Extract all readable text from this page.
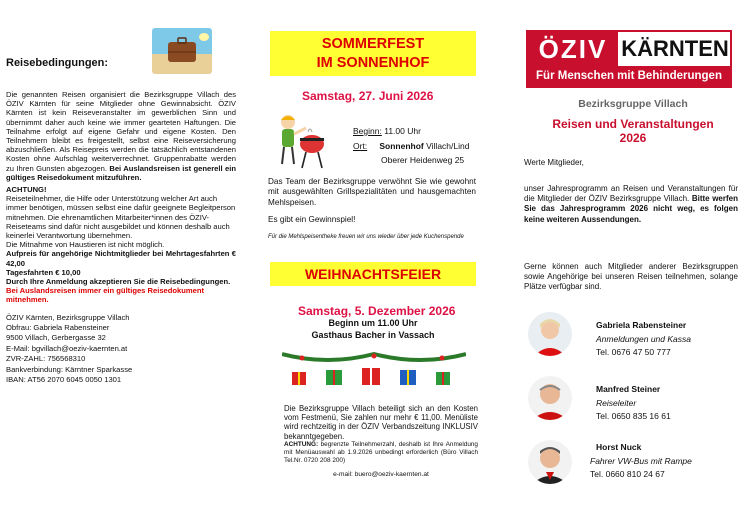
Reisebedingungen:

Die genannten Reisen organisiert die Bezirksgruppe Villach des ÖZIV Kärnten für seine Mitglieder ohne Gewinnabsicht. ÖZIV Kärnten ist kein Reiseveranstalter im gewerblichen Sinn und übernimmt daher auch keine wie immer gearteten Haftungen. Die Teilnahme erfolgt auf eigene Gefahr und eigene Kosten. Den Teilnehmern bleibt es freigestellt, selbst eine Reiseversicherung abzuschließen. Als Reisepreis werden die tatsächlich entstandenen Kosten ohne Aufschlag weiterverrechnet. Gruppenrabatte werden zu Ihren Gunsten abgezogen. Bei Auslandsreisen ist generell ein gültiges Reisedokument mitzuführen.

ACHTUNG!

Reiseteilnehmer, die Hilfe oder Unterstützung welcher Art auch immer benötigen, müssen selbst eine dafür geeignete Begleitperson mitnehmen. Die ehrenamtlichen Mitarbeiter*innen des ÖZIV-Reiseteams sind dafür nicht ausgebildet und können deshalb auch keinerlei Verantwortung übernehmen.

Die Mitnahme von Haustieren ist nicht möglich.

Aufpreis für angehörige Nichtmitglieder bei Mehrtagesfahrten € 42,00

Tagesfahrten € 10,00

Durch Ihre Anmeldung akzeptieren Sie die Reisebedingungen.

Bei Auslandsreisen immer ein gültiges Reisedokument mitnehmen.

ÖZIV Kärnten, Bezirksgruppe Villach
Obfrau: Gabriela Rabensteiner
9500 Villach, Gerbergasse 32
E-Mail: bgvillach@oeziv-kaernten.at
ZVR-ZAHL: 756568310
Bankverbindung: Kärntner Sparkasse
IBAN: AT56 2070 6045 0050 1301
SOMMERFEST
IM SONNENHOF
Samstag, 27. Juni 2026
Beginn: 11.00 Uhr
Ort: Sonnenhof Villach/Lind
Oberer Heidenweg 25
Das Team der Bezirksgruppe verwöhnt Sie wie gewohnt mit ausgewählten Grillspezialitäten und hausgemachten Mehlspeisen.
Es gibt ein Gewinnspiel!
Für die Mehlspeisentheke freuen wir uns wieder über jede Kuchenspende
WEIHNACHTSFEIER
Samstag, 5. Dezember 2026
Beginn um 11.00 Uhr
Gasthaus Bacher in Vassach
Die Bezirksgruppe Villach beteiligt sich an den Kosten vom Festmenü, Sie zahlen nur mehr € 11,00. Menüliste wird rechtzeitig in der ÖZIV Verbandszeitung INKLUSIV bekanntgegeben.
ACHTUNG: begrenzte Teilnehmerzahl, deshalb ist Ihre Anmeldung mit Menüauswahl ab 1.9.2026 unbedingt erforderlich (Büro Villach Tel.Nr. 0720 208 200)
e-mail: buero@oeziv-kaernten.at
ÖZIV KÄRNTEN
Für Menschen mit Behinderungen
Bezirksgruppe Villach
Reisen und Veranstaltungen
2026
Werte Mitglieder,
unser Jahresprogramm an Reisen und Veranstaltungen für die Mitglieder der ÖZIV Bezirksgruppe Villach. Bitte werfen Sie das Jahresprogramm 2026 nicht weg, es folgen keine weiteren Aussendungen.
Gerne können auch Mitglieder anderer Bezirksgruppen sowie Angehörige bei unseren Reisen teilnehmen, solange Plätze verfügbar sind.
Gabriela Rabensteiner
Anmeldungen und Kassa
Tel. 0676 47 50 777
Manfred Steiner
Reiseleiter
Tel. 0650 835 16 61
Horst Nuck
Fahrer VW-Bus mit Rampe
Tel. 0660 810 24 67
